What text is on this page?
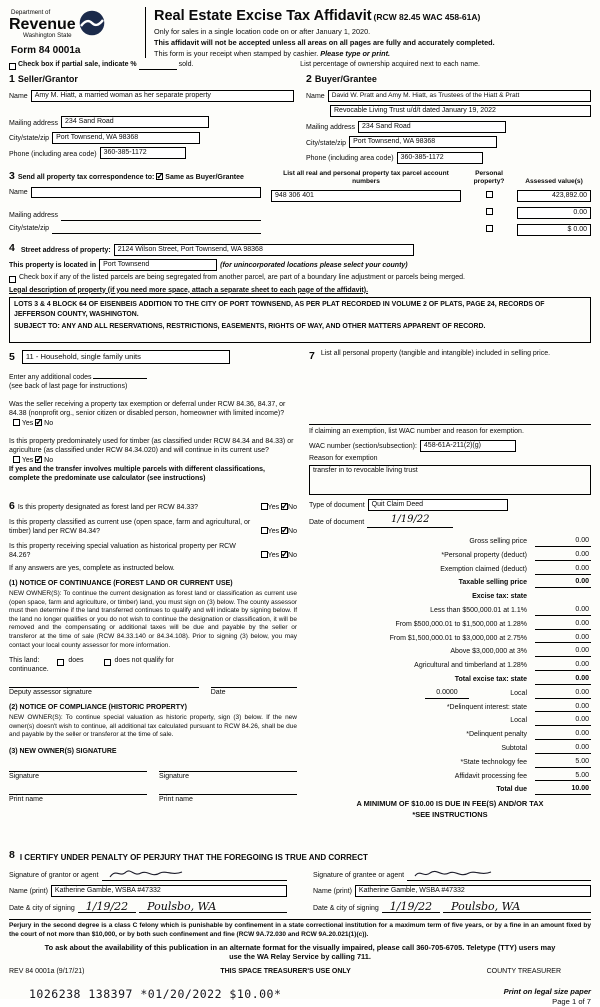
Department of
Revenue
Washington State
Form 84 0001a
Real Estate Excise Tax Affidavit (RCW 82.45 WAC 458-61A)
Only for sales in a single location code on or after January 1, 2020.
This affidavit will not be accepted unless all areas on all pages are fully and accurately completed.
This form is your receipt when stamped by cashier. Please type or print.
Check box if partial sale, indicate %	sold.	List percentage of ownership acquired next to each name.
1 Seller/Grantor
Name	Amy M. Hiatt, a married woman as her separate property
Mailing address	234 Sand Road
City/state/zip	Port Townsend, WA 98368
Phone (including area code)	360-385-1172
2 Buyer/Grantee
Name	David W. Pratt and Amy M. Hiatt, as Trustees of the Hiatt & Pratt
Revocable Living Trust u/d/t dated January 19, 2022
Mailing address	234 Sand Road
City/state/zip	Port Townsend, WA 98368
Phone (including area code)	360-385-1172
3 Send all property tax correspondence to: ✓ Same as Buyer/Grantee
Name
Mailing address
City/state/zip
List all real and personal property tax parcel account numbers
Personal property?	Assessed value(s)
948 306 401	423,892.00
0.00
$ 0.00
4 Street address of property:	2124 Wilson Street, Port Townsend, WA 98368
This property is located in	Port Townsend	(for unincorporated locations please select your county)
Check box if any of the listed parcels are being segregated from another parcel, are part of a boundary line adjustment or parcels being merged.
Legal description of property (if you need more space, attach a separate sheet to each page of the affidavit).
LOTS 3 & 4 BLOCK 64 OF EISENBEIS ADDITION TO THE CITY OF PORT TOWNSEND, AS PER PLAT RECORDED IN VOLUME 2 OF PLATS, PAGE 24, RECORDS OF JEFFERSON COUNTY, WASHINGTON.
SUBJECT TO: ANY AND ALL RESERVATIONS, RESTRICTIONS, EASEMENTS, RIGHTS OF WAY, AND OTHER MATTERS APPARENT OF RECORD.
5	11 - Household, single family units
Enter any additional codes
(see back of last page for instructions)
Was the seller receiving a property tax exemption or deferral under RCW 84.36, 84.37, or 84.38 (nonprofit org., senior citizen or disabled person, homeowner with limited income)?  Yes ✓ No
Is this property predominately used for timber (as classified under RCW 84.34 and 84.33) or agriculture (as classified under RCW 84.34.020) and will continue in its current use?  Yes ✓ No
If yes and the transfer involves multiple parcels with different classifications, complete the predominate use calculator (see instructions)
6 Is this property designated as forest land per RCW 84.33?	Yes ✓ No
Is this property classified as current use (open space, farm and agricultural, or timber) land per RCW 84.34?	Yes ✓ No
Is this property receiving special valuation as historical property per RCW 84.26?	Yes ✓ No
If any answers are yes, complete as instructed below.
(1) NOTICE OF CONTINUANCE (FOREST LAND OR CURRENT USE)
NEW OWNER(S): To continue the current designation as forest land or classification as current use (open space, farm and agriculture, or timber) land, you must sign on (3) below. The county assessor must then determine if the land transferred continues to qualify and will indicate by signing below. If the land no longer qualifies or you do not wish to continue the designation or classification, it will be removed and the compensating or additional taxes will be due and payable by the seller or transferor at the time of sale (RCW 84.33.140 or 84.34.108). Prior to signing (3) below, you may contact your local county assessor for more information.
This land:	does	does not qualify for
continuance.
Deputy assessor signature	Date
(2) NOTICE OF COMPLIANCE (HISTORIC PROPERTY)
NEW OWNER(S): To continue special valuation as historic property, sign (3) below. If the new owner(s) doesn't wish to continue, all additional tax calculated pursuant to RCW 84.26, shall be due and payable by the seller or transferor at the time of sale.
(3) NEW OWNER(S) SIGNATURE
Signature	Signature
Print name	Print name
7 List all personal property (tangible and intangible) included in selling price.
If claiming an exemption, list WAC number and reason for exemption.
WAC number (section/subsection):	458-61A-211(2)(g)
Reason for exemption
transfer in to revocable living trust
Type of document	Quit Claim Deed
Date of document	1/19/22
Gross selling price	0.00
*Personal property (deduct)	0.00
Exemption claimed (deduct)	0.00
Taxable selling price	0.00
Excise tax: state
Less than $500,000.01 at 1.1%	0.00
From $500,000.01 to $1,500,000 at 1.28%	0.00
From $1,500,000.01 to $3,000,000 at 2.75%	0.00
Above $3,000,000 at 3%	0.00
Agricultural and timberland at 1.28%	0.00
Total excise tax: state	0.00
0.0000	Local	0.00
*Delinquent interest: state	0.00
Local	0.00
*Delinquent penalty	0.00
Subtotal	0.00
*State technology fee	5.00
Affidavit processing fee	5.00
Total due	10.00
A MINIMUM OF $10.00 IS DUE IN FEE(S) AND/OR TAX
*SEE INSTRUCTIONS
8 I CERTIFY UNDER PENALTY OF PERJURY THAT THE FOREGOING IS TRUE AND CORRECT
Signature of grantor or agent
Name (print)	Katherine Gamble, WSBA #47332
Date & city of signing	1/19/22	Poulsbo, WA
Signature of grantee or agent
Name (print)	Katherine Gamble, WSBA #47332
Date & city of signing	1/19/22	Poulsbo, WA
Perjury in the second degree is a class C felony which is punishable by confinement in a state correctional institution for a maximum term of five years, or by a fine in an amount fixed by the court of not more than $10,000, or by both such confinement and fine (RCW 9A.72.030 and RCW 9A.20.021(1)(c)).
To ask about the availability of this publication in an alternate format for the visually impaired, please call 360-705-6705. Teletype (TTY) users may use the WA Relay Service by calling 711.
REV 84 0001a (9/17/21)	THIS SPACE TREASURER'S USE ONLY	COUNTY TREASURER
1026238 138397 *01/20/2022 $10.00*	Print on legal size paper
Page 1 of 7
